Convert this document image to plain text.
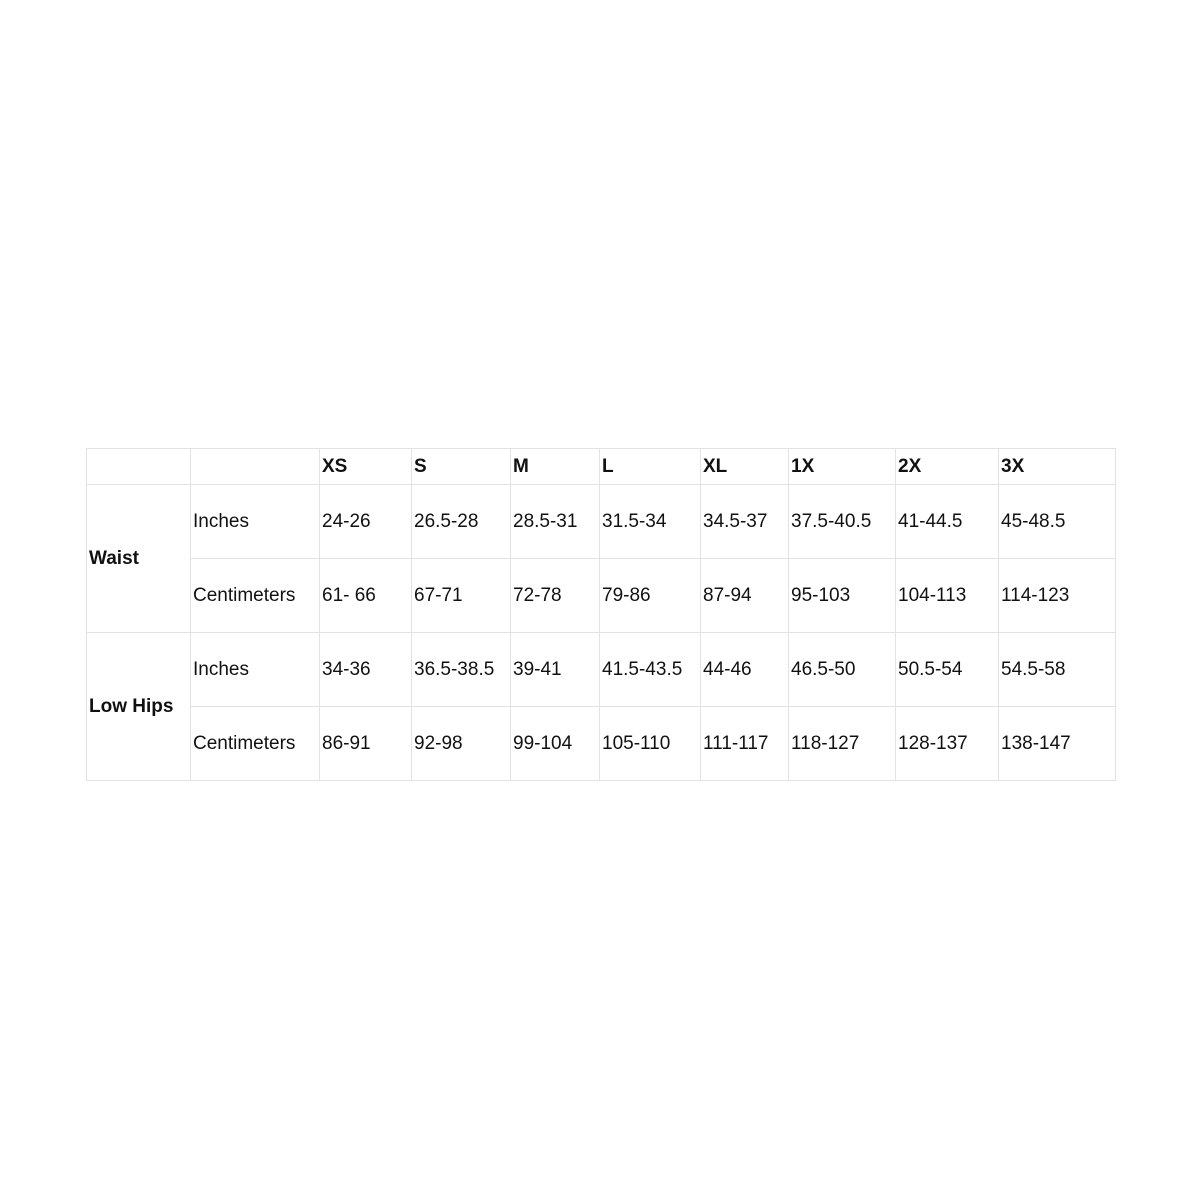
		XS	S	M	L	XL	1X	2X	3X
Waist	Inches	24-26	26.5-28	28.5-31	31.5-34	34.5-37	37.5-40.5	41-44.5	45-48.5
	Centimeters	61- 66	67-71	72-78	79-86	87-94	95-103	104-113	114-123
Low Hips	Inches	34-36	36.5-38.5	39-41	41.5-43.5	44-46	46.5-50	50.5-54	54.5-58
	Centimeters	86-91	92-98	99-104	105-110	111-117	118-127	128-137	138-147
